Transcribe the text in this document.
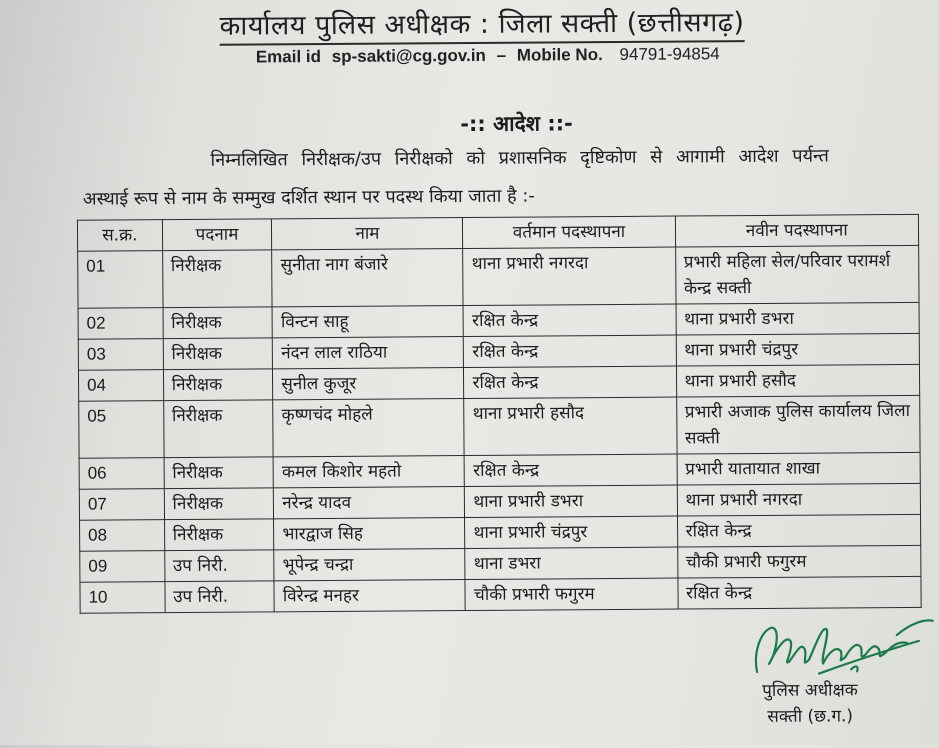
कार्यालय पुलिस अधीक्षक : जिला सक्ती (छत्तीसगढ़)
Email id sp-sakti@cg.gov.in – Mobile No. 94791-94854
-:: आदेश ::-
निम्नलिखित निरीक्षक/उप निरीक्षको को प्रशासनिक दृष्टिकोण से आगामी आदेश पर्यन्त
अस्थाई रूप से नाम के सम्मुख दर्शित स्थान पर पदस्थ किया जाता है :-
स.क्र.	पदनाम	नाम	वर्तमान पदस्थापना	नवीन पदस्थापना
01	निरीक्षक	सुनीता नाग बंजारे	थाना प्रभारी नगरदा	प्रभारी महिला सेल/परिवार परामर्श केन्द्र सक्ती
02	निरीक्षक	विन्टन साहू	रक्षित केन्द्र	थाना प्रभारी डभरा
03	निरीक्षक	नंदन लाल राठिया	रक्षित केन्द्र	थाना प्रभारी चंद्रपुर
04	निरीक्षक	सुनील कुजूर	रक्षित केन्द्र	थाना प्रभारी हसौद
05	निरीक्षक	कृष्णचंद मोहले	थाना प्रभारी हसौद	प्रभारी अजाक पुलिस कार्यालय जिला सक्ती
06	निरीक्षक	कमल किशोर महतो	रक्षित केन्द्र	प्रभारी यातायात शाखा
07	निरीक्षक	नरेन्द्र यादव	थाना प्रभारी डभरा	थाना प्रभारी नगरदा
08	निरीक्षक	भारद्वाज सिह	थाना प्रभारी चंद्रपुर	रक्षित केन्द्र
09	उप निरी.	भूपेन्द्र चन्द्रा	थाना डभरा	चौकी प्रभारी फगुरम
10	उप निरी.	विरेन्द्र मनहर	चौकी प्रभारी फगुरम	रक्षित केन्द्र
पुलिस अधीक्षक
सक्ती (छ.ग.)
